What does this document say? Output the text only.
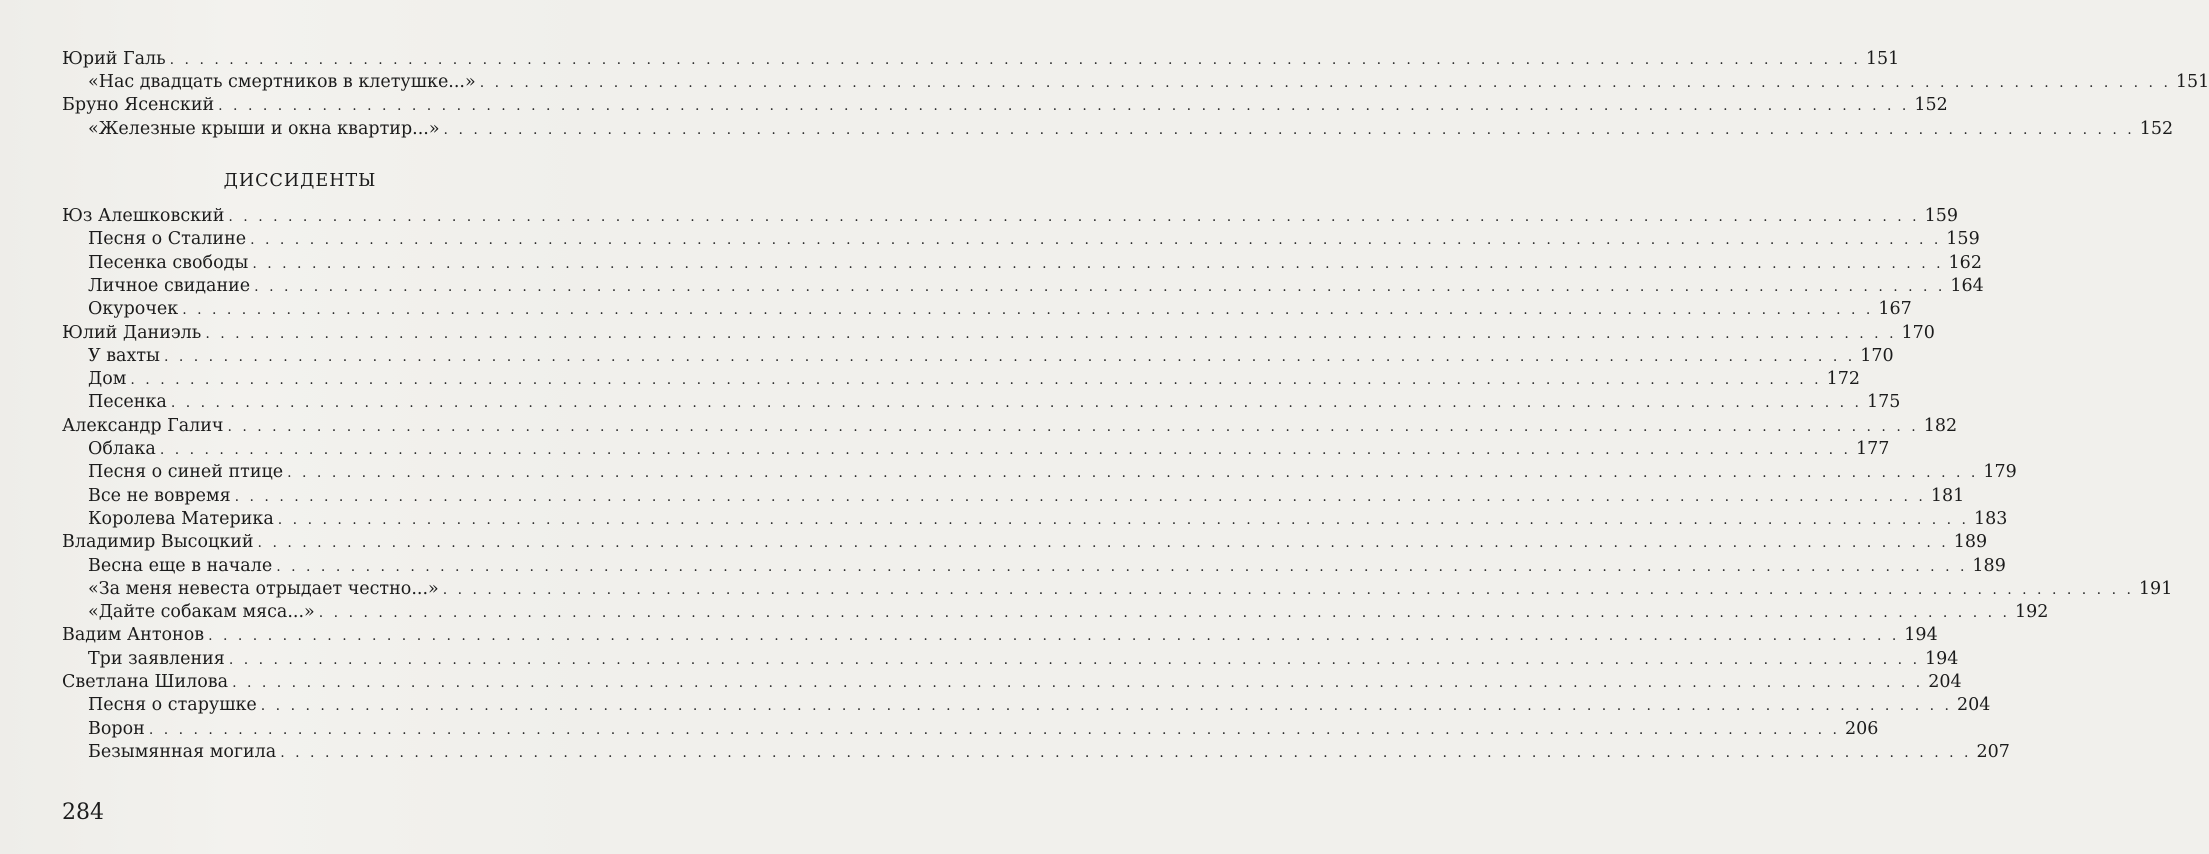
Юрий Галь . . . . . . . . . . . . . . . . . . . . . . . . . . . . . . . . . . . . . . . . . . . . . . . . . . . . . . . . . . . . . . . . . . . . . . . . . . . . . . . . . . . . . . . . . . . . . . . . . . . . . . . . . . . . . . . . . . 151
«Нас двадцать смертников в клетушке...» . . . . . . . . . . . . . . . . . . . . . . . . . . . . . . . . . . . . . . . . . . . . . . . . . . . . . . . . . . . . . . . . . . . . . . . . . . . . . . . . . . . . . . . . . . . . . . . . . . . . . . . . . . . . . . . . . . 151
Бруно Ясенский . . . . . . . . . . . . . . . . . . . . . . . . . . . . . . . . . . . . . . . . . . . . . . . . . . . . . . . . . . . . . . . . . . . . . . . . . . . . . . . . . . . . . . . . . . . . . . . . . . . . . . . . . . . . . . . . . . 152
«Железные крыши и окна квартир...» . . . . . . . . . . . . . . . . . . . . . . . . . . . . . . . . . . . . . . . . . . . . . . . . . . . . . . . . . . . . . . . . . . . . . . . . . . . . . . . . . . . . . . . . . . . . . . . . . . . . . . . . . . . . . . . . . . 152
Юз Алешковский . . . . . . . . . . . . . . . . . . . . . . . . . . . . . . . . . . . . . . . . . . . . . . . . . . . . . . . . . . . . . . . . . . . . . . . . . . . . . . . . . . . . . . . . . . . . . . . . . . . . . . . . . . . . . . . . . . 159
Песня о Сталине . . . . . . . . . . . . . . . . . . . . . . . . . . . . . . . . . . . . . . . . . . . . . . . . . . . . . . . . . . . . . . . . . . . . . . . . . . . . . . . . . . . . . . . . . . . . . . . . . . . . . . . . . . . . . . . . . . 159
Песенка свободы . . . . . . . . . . . . . . . . . . . . . . . . . . . . . . . . . . . . . . . . . . . . . . . . . . . . . . . . . . . . . . . . . . . . . . . . . . . . . . . . . . . . . . . . . . . . . . . . . . . . . . . . . . . . . . . . . . 162
Личное свидание . . . . . . . . . . . . . . . . . . . . . . . . . . . . . . . . . . . . . . . . . . . . . . . . . . . . . . . . . . . . . . . . . . . . . . . . . . . . . . . . . . . . . . . . . . . . . . . . . . . . . . . . . . . . . . . . . . 164
Окурочек . . . . . . . . . . . . . . . . . . . . . . . . . . . . . . . . . . . . . . . . . . . . . . . . . . . . . . . . . . . . . . . . . . . . . . . . . . . . . . . . . . . . . . . . . . . . . . . . . . . . . . . . . . . . . . . . . . 167
Юлий Даниэль . . . . . . . . . . . . . . . . . . . . . . . . . . . . . . . . . . . . . . . . . . . . . . . . . . . . . . . . . . . . . . . . . . . . . . . . . . . . . . . . . . . . . . . . . . . . . . . . . . . . . . . . . . . . . . . . . . 170
У вахты . . . . . . . . . . . . . . . . . . . . . . . . . . . . . . . . . . . . . . . . . . . . . . . . . . . . . . . . . . . . . . . . . . . . . . . . . . . . . . . . . . . . . . . . . . . . . . . . . . . . . . . . . . . . . . . . . . 170
Дом . . . . . . . . . . . . . . . . . . . . . . . . . . . . . . . . . . . . . . . . . . . . . . . . . . . . . . . . . . . . . . . . . . . . . . . . . . . . . . . . . . . . . . . . . . . . . . . . . . . . . . . . . . . . . . . . . . 172
Песенка . . . . . . . . . . . . . . . . . . . . . . . . . . . . . . . . . . . . . . . . . . . . . . . . . . . . . . . . . . . . . . . . . . . . . . . . . . . . . . . . . . . . . . . . . . . . . . . . . . . . . . . . . . . . . . . . . . 175
Александр Галич . . . . . . . . . . . . . . . . . . . . . . . . . . . . . . . . . . . . . . . . . . . . . . . . . . . . . . . . . . . . . . . . . . . . . . . . . . . . . . . . . . . . . . . . . . . . . . . . . . . . . . . . . . . . . . . . . . 182
Облака . . . . . . . . . . . . . . . . . . . . . . . . . . . . . . . . . . . . . . . . . . . . . . . . . . . . . . . . . . . . . . . . . . . . . . . . . . . . . . . . . . . . . . . . . . . . . . . . . . . . . . . . . . . . . . . . . . 177
Песня о синей птице . . . . . . . . . . . . . . . . . . . . . . . . . . . . . . . . . . . . . . . . . . . . . . . . . . . . . . . . . . . . . . . . . . . . . . . . . . . . . . . . . . . . . . . . . . . . . . . . . . . . . . . . . . . . . . . . . . 179
Все не вовремя . . . . . . . . . . . . . . . . . . . . . . . . . . . . . . . . . . . . . . . . . . . . . . . . . . . . . . . . . . . . . . . . . . . . . . . . . . . . . . . . . . . . . . . . . . . . . . . . . . . . . . . . . . . . . . . . . . 181
Королева Материка . . . . . . . . . . . . . . . . . . . . . . . . . . . . . . . . . . . . . . . . . . . . . . . . . . . . . . . . . . . . . . . . . . . . . . . . . . . . . . . . . . . . . . . . . . . . . . . . . . . . . . . . . . . . . . . . . . 183
Владимир Высоцкий . . . . . . . . . . . . . . . . . . . . . . . . . . . . . . . . . . . . . . . . . . . . . . . . . . . . . . . . . . . . . . . . . . . . . . . . . . . . . . . . . . . . . . . . . . . . . . . . . . . . . . . . . . . . . . . . . . 189
Весна еще в начале . . . . . . . . . . . . . . . . . . . . . . . . . . . . . . . . . . . . . . . . . . . . . . . . . . . . . . . . . . . . . . . . . . . . . . . . . . . . . . . . . . . . . . . . . . . . . . . . . . . . . . . . . . . . . . . . . . 189
«За меня невеста отрыдает честно...» . . . . . . . . . . . . . . . . . . . . . . . . . . . . . . . . . . . . . . . . . . . . . . . . . . . . . . . . . . . . . . . . . . . . . . . . . . . . . . . . . . . . . . . . . . . . . . . . . . . . . . . . . . . . . . . . . . 191
«Дайте собакам мяса...» . . . . . . . . . . . . . . . . . . . . . . . . . . . . . . . . . . . . . . . . . . . . . . . . . . . . . . . . . . . . . . . . . . . . . . . . . . . . . . . . . . . . . . . . . . . . . . . . . . . . . . . . . . . . . . . . . . 192
Вадим Антонов . . . . . . . . . . . . . . . . . . . . . . . . . . . . . . . . . . . . . . . . . . . . . . . . . . . . . . . . . . . . . . . . . . . . . . . . . . . . . . . . . . . . . . . . . . . . . . . . . . . . . . . . . . . . . . . . . . 194
Три заявления . . . . . . . . . . . . . . . . . . . . . . . . . . . . . . . . . . . . . . . . . . . . . . . . . . . . . . . . . . . . . . . . . . . . . . . . . . . . . . . . . . . . . . . . . . . . . . . . . . . . . . . . . . . . . . . . . . 194
Светлана Шилова . . . . . . . . . . . . . . . . . . . . . . . . . . . . . . . . . . . . . . . . . . . . . . . . . . . . . . . . . . . . . . . . . . . . . . . . . . . . . . . . . . . . . . . . . . . . . . . . . . . . . . . . . . . . . . . . . . 204
Песня о старушке . . . . . . . . . . . . . . . . . . . . . . . . . . . . . . . . . . . . . . . . . . . . . . . . . . . . . . . . . . . . . . . . . . . . . . . . . . . . . . . . . . . . . . . . . . . . . . . . . . . . . . . . . . . . . . . . . . 204
Ворон . . . . . . . . . . . . . . . . . . . . . . . . . . . . . . . . . . . . . . . . . . . . . . . . . . . . . . . . . . . . . . . . . . . . . . . . . . . . . . . . . . . . . . . . . . . . . . . . . . . . . . . . . . . . . . . . . . 206
Безымянная могила . . . . . . . . . . . . . . . . . . . . . . . . . . . . . . . . . . . . . . . . . . . . . . . . . . . . . . . . . . . . . . . . . . . . . . . . . . . . . . . . . . . . . . . . . . . . . . . . . . . . . . . . . . . . . . . . . . 207
ДИССИДЕНТЫ
284
